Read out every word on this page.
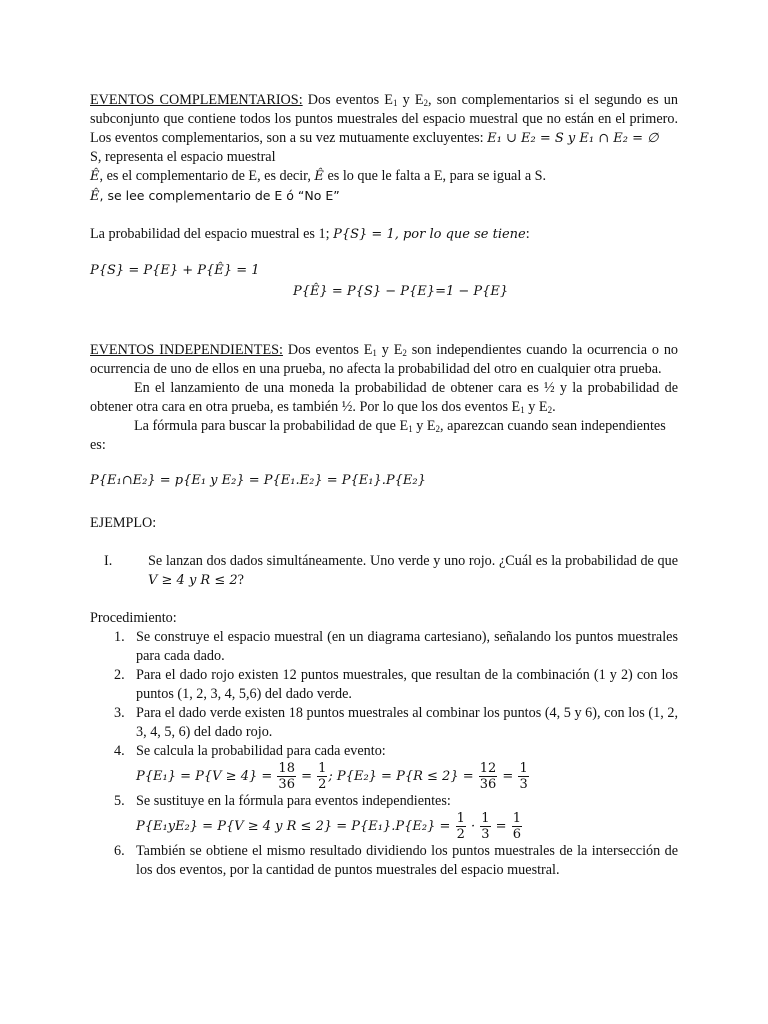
EVENTOS COMPLEMENTARIOS: Dos eventos $E_1$ y $E_2$, son complementarios si el segundo es un subconjunto que contiene todos los puntos muestrales del espacio muestral que no están en el primero. Los eventos complementarios, son a su vez mutuamente excluyentes: E₁ ∪ E₂ = S y E₁ ∩ E₂ = ∅

S, representa el espacio muestral

Ê, es el complementario de E, es decir, Ê es lo que le falta a E, para se igual a S.

Ê, se lee complementario de E ó “No E”

La probabilidad del espacio muestral es 1; P{S} = 1, por lo que se tiene:

P{S} = P{E} + P{Ê} = 1

P{Ê} = P{S} − P{E}=1 − P{E}

EVENTOS INDEPENDIENTES: Dos eventos $E_1$ y $E_2$ son independientes cuando la ocurrencia o no ocurrencia de uno de ellos en una prueba, no afecta la probabilidad del otro en cualquier otra prueba.

En el lanzamiento de una moneda la probabilidad de obtener cara es ½ y la probabilidad de obtener otra cara en otra prueba, es también ½. Por lo que los dos eventos $E_1$ y $E_2$.

La fórmula para buscar la probabilidad de que $E_1$ y $E_2$, aparezcan cuando sean independientes es:

P{E₁∩E₂} = p{E₁ y E₂} = P{E₁.E₂} = P{E₁}.P{E₂}

EJEMPLO:

I.	Se lanzan dos dados simultáneamente. Uno verde y uno rojo. ¿Cuál es la probabilidad de que V ≥ 4 y R ≤ 2?

Procedimiento:

1. Se construye el espacio muestral (en un diagrama cartesiano), señalando los puntos muestrales para cada dado.
2. Para el dado rojo existen 12 puntos muestrales, que resultan de la combinación (1 y 2) con los puntos (1, 2, 3, 4, 5,6) del dado verde.
3. Para el dado verde existen 18 puntos muestrales al combinar los puntos (4, 5 y 6), con los (1, 2, 3, 4, 5, 6) del dado rojo.
4. Se calcula la probabilidad para cada evento:
$P\{E_1\} = P\{V \ge 4\} = \frac{18}{36} = \frac{1}{2}$ ; $P\{E_2\} = P\{R \le 2\} = \frac{12}{36} = \frac{1}{3}$
5. Se sustituye en la fórmula para eventos independientes:
P{E₁yE₂} = P{V ≥ 4 y $R \le 2\} = P\{E_1\}.P\{E_2\} = \frac{1}{2} \cdot \frac{1}{3} = \frac{1}{6}$
6. También se obtiene el mismo resultado dividiendo los puntos muestrales de la intersección de los dos eventos, por la cantidad de puntos muestrales del espacio muestral.
